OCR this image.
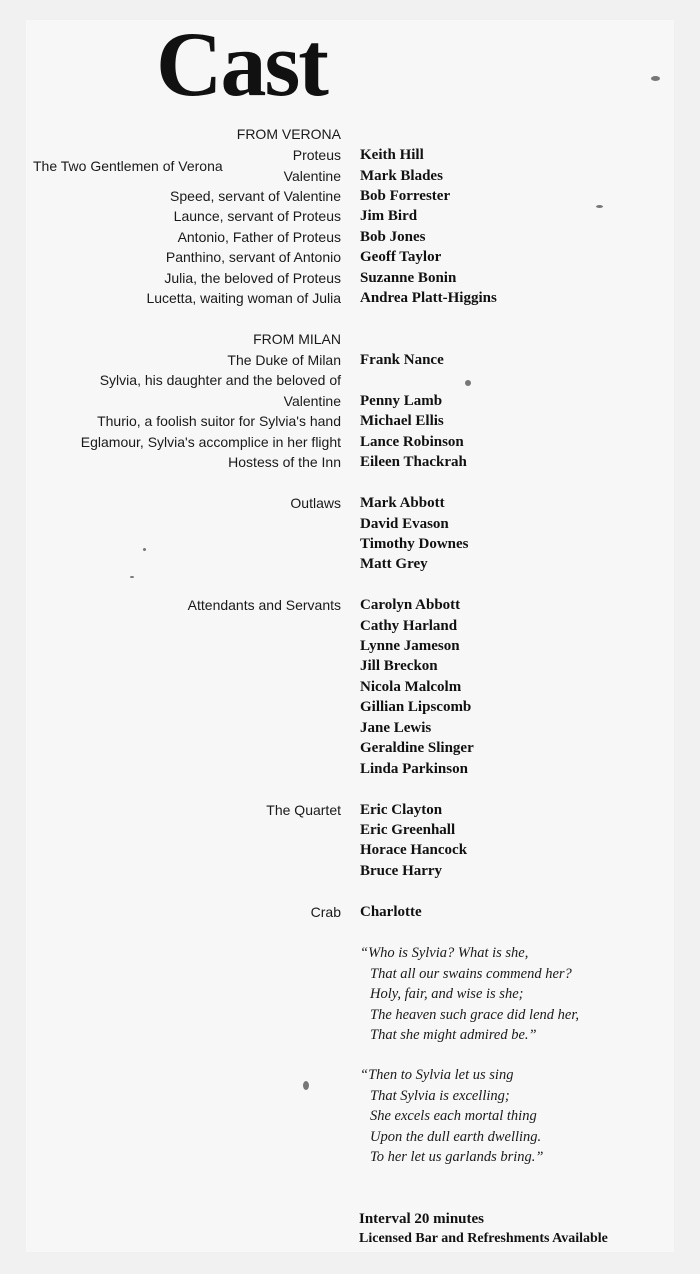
Cast
FROM VERONA
The Two Gentlemen of Verona
Proteus Keith Hill
Valentine Mark Blades
Speed, servant of Valentine Bob Forrester
Launce, servant of Proteus Jim Bird
Antonio, Father of Proteus Bob Jones
Panthino, servant of Antonio Geoff Taylor
Julia, the beloved of Proteus Suzanne Bonin
Lucetta, waiting woman of Julia Andrea Platt-Higgins
FROM MILAN
The Duke of Milan Frank Nance
Sylvia, his daughter and the beloved of
Valentine Penny Lamb
Thurio, a foolish suitor for Sylvia's hand Michael Ellis
Eglamour, Sylvia's accomplice in her flight Lance Robinson
Hostess of the Inn Eileen Thackrah
Outlaws Mark Abbott
David Evason
Timothy Downes
Matt Grey
Attendants and Servants Carolyn Abbott
Cathy Harland
Lynne Jameson
Jill Breckon
Nicola Malcolm
Gillian Lipscomb
Jane Lewis
Geraldine Slinger
Linda Parkinson
The Quartet Eric Clayton
Eric Greenhall
Horace Hancock
Bruce Harry
Crab Charlotte
“Who is Sylvia? What is she,
That all our swains commend her?
Holy, fair, and wise is she;
The heaven such grace did lend her,
That she might admired be.”
“Then to Sylvia let us sing
That Sylvia is excelling;
She excels each mortal thing
Upon the dull earth dwelling.
To her let us garlands bring.”
Interval 20 minutes
Licensed Bar and Refreshments Available
